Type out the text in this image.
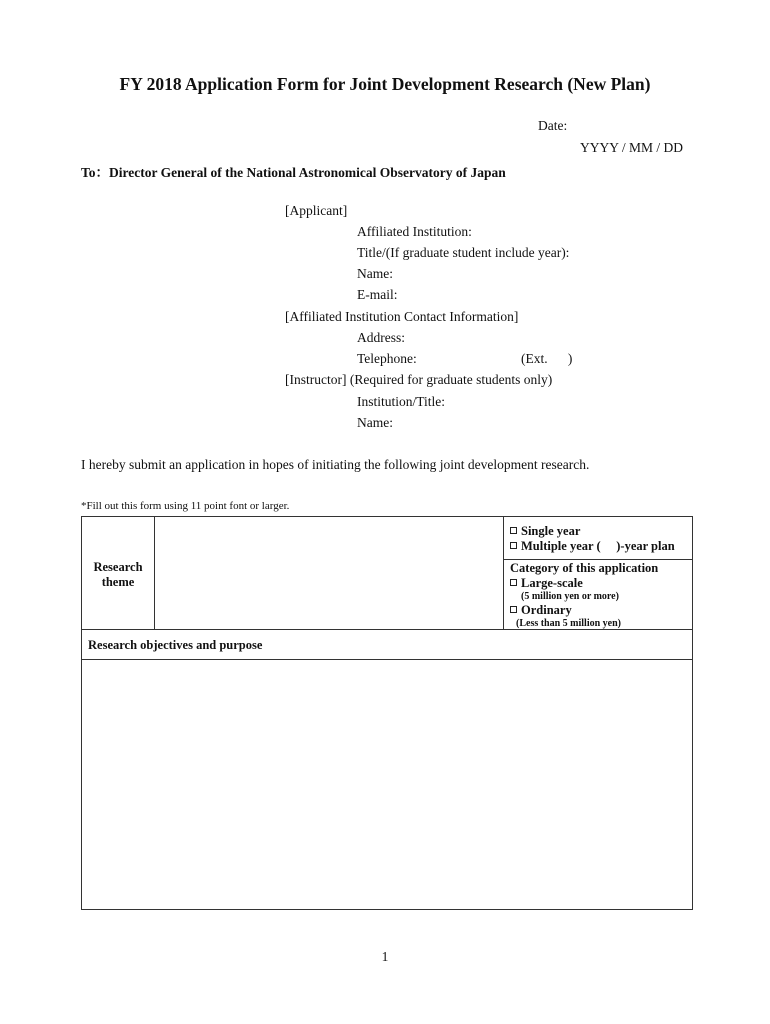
FY 2018 Application Form for Joint Development Research (New Plan)
Date:
YYYY / MM / DD
To：Director General of the National Astronomical Observatory of Japan
[Applicant]
Affiliated Institution:
Title/(If graduate student include year):
Name:
E-mail:
[Affiliated Institution Contact Information]
Address:
Telephone:	(Ext.      )
[Instructor] (Required for graduate students only)
Institution/Title:
Name:
I hereby submit an application in hopes of initiating the following joint development research.
*Fill out this form using 11 point font or larger.
Research
theme
Single year
Multiple year (     )-year plan
Category of this application
Large-scale
(5 million yen or more)
Ordinary
(Less than 5 million yen)
Research objectives and purpose
1
